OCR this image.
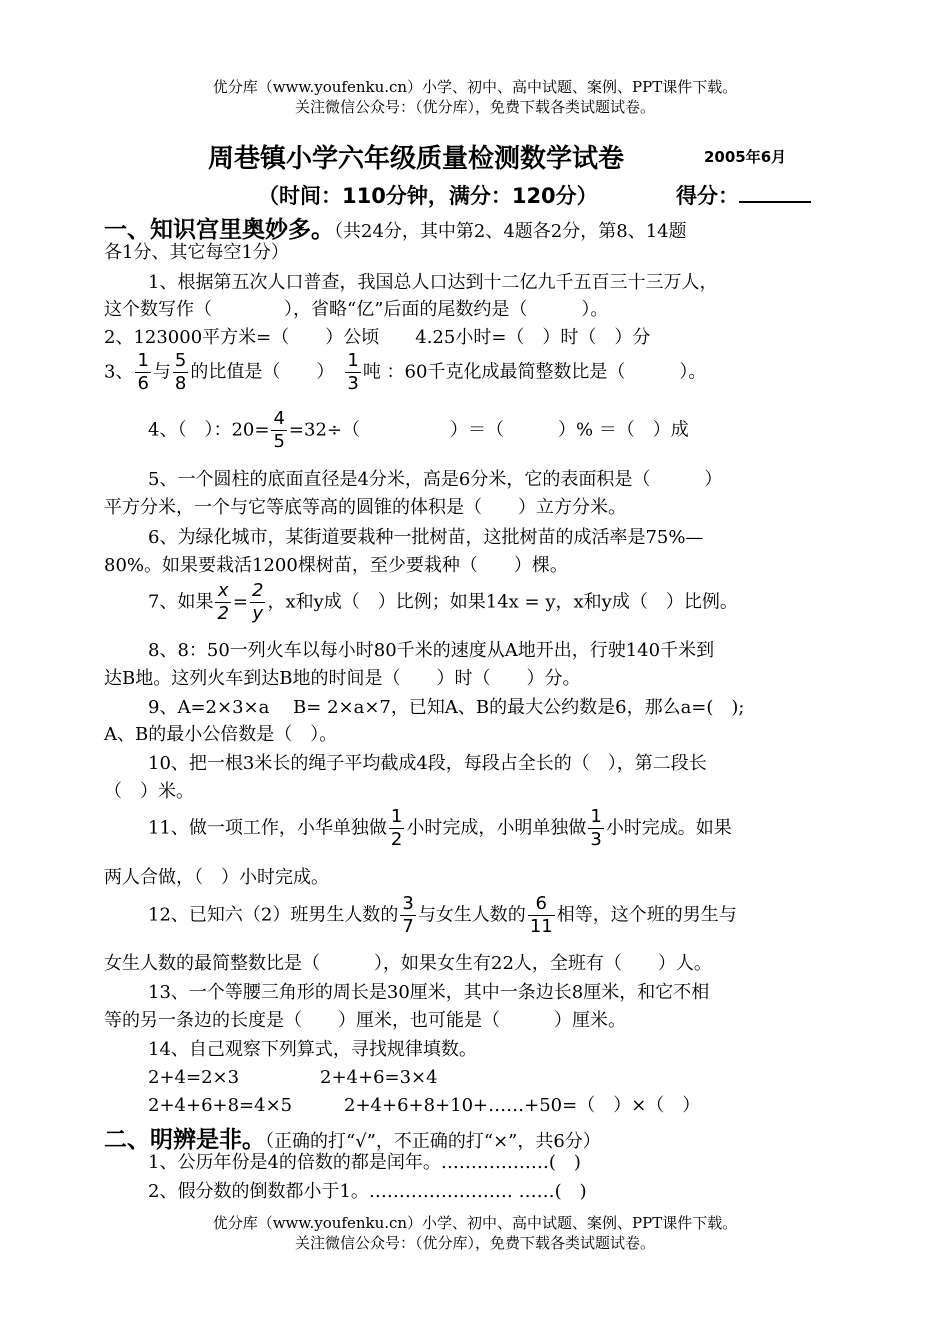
优分库（www.youfenku.cn）小学、初中、高中试题、案例、PPT课件下载。
关注微信公众号：（优分库），免费下载各类试题试卷。
周巷镇小学六年级质量检测数学试卷	2005年6月
（时间：110分钟，满分：120分）	得分：
一、知识宫里奥妙多。（共24分，其中第2、4题各2分，第8、14题
各1分、其它每空1分）
1、根据第五次人口普查，我国总人口达到十二亿九千五百三十三万人，
这个数写作（　　　　），省略“亿”后面的尾数约是（　　　）。
2、123000平方米=（　　）公顷　　4.25小时=（　）时（　）分
3、 $\frac{1}{6}$ 与 $\frac{5}{8}$ 的比值是（　　）　 $\frac{1}{3}$ 吨 ：60千克化成最简整数比是（　　　）。
4、（　）：$20= \frac{4}{5} =32\div$（　　　　　）＝（　　　）% ＝（　）成
5、一个圆柱的底面直径是4分米，高是6分米，它的表面积是（　　　）
平方分米，一个与它等底等高的圆锥的体积是（　　）立方分米。
6、为绿化城市，某街道要栽种一批树苗，这批树苗的成活率是75%—
80%。如果要栽活1200棵树苗，至少要栽种（　　）棵。
7、如果 $\frac{x}{2} = \frac{2}{y}$ ，x和y成（　）比例；如果14x = y，x和y成（　）比例。
8、8：50一列火车以每小时80千米的速度从A地开出，行驶140千米到
达B地。这列火车到达B地的时间是（　　）时（　　）分。
9、A=2×3×a　 B= 2×a×7，已知A、B的最大公约数是6，那么a=(　);
A、B的最小公倍数是（　）。
10、把一根3米长的绳子平均截成4段，每段占全长的（　），第二段长
（　）米。
11、做一项工作，小华单独做 $\frac{1}{2}$ 小时完成，小明单独做 $\frac{1}{3}$ 小时完成。如果
两人合做，（　）小时完成。
12、已知六（2）班男生人数的 $\frac{3}{7}$ 与女生人数的 $\frac{6}{11}$ 相等，这个班的男生与
女生人数的最简整数比是（　　　），如果女生有22人，全班有（　　）人。
13、一个等腰三角形的周长是30厘米，其中一条边长8厘米，和它不相
等的另一条边的长度是（　　）厘米，也可能是（　　　）厘米。
14、自己观察下列算式，寻找规律填数。
2+4=2×3	2+4+6=3×4
2+4+6+8=4×5	2+4+6+8+10+……+50=（　）×（　）
二、明辨是非。（正确的打“√”，不正确的打“×”，共6分）
1、公历年份是4的倍数的都是闰年。………………(　)
2、假分数的倒数都小于1。…………………… ……(　)
优分库（www.youfenku.cn）小学、初中、高中试题、案例、PPT课件下载。
关注微信公众号：（优分库），免费下载各类试题试卷。
